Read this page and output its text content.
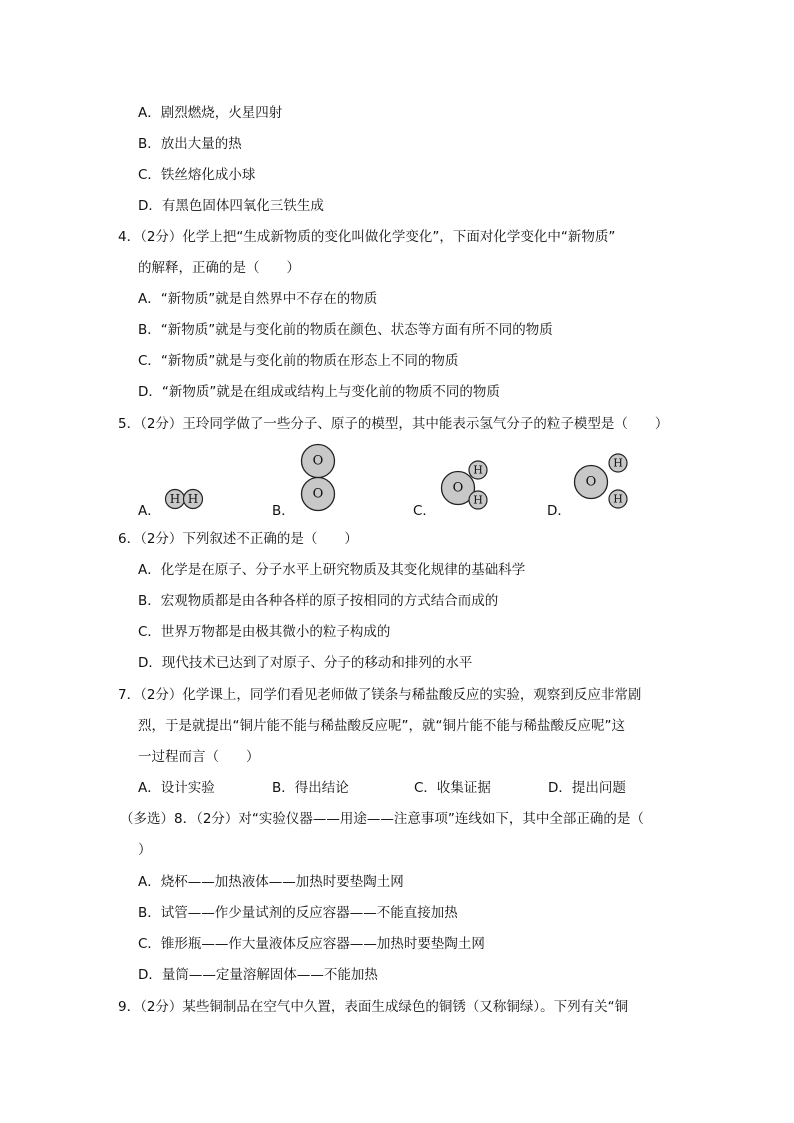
A．剧烈燃烧，火星四射
B．放出大量的热
C．铁丝熔化成小球
D．有黑色固体四氧化三铁生成
4．（2分）化学上把“生成新物质的变化叫做化学变化”，下面对化学变化中“新物质”
的解释，正确的是（　　）
A．“新物质”就是自然界中不存在的物质
B．“新物质”就是与变化前的物质在颜色、状态等方面有所不同的物质
C．“新物质”就是与变化前的物质在形态上不同的物质
D．“新物质”就是在组成或结构上与变化前的物质不同的物质
5．（2分）王玲同学做了一些分子、原子的模型，其中能表示氢气分子的粒子模型是（　　）
A．
H H
B．
O
O
C．
O
H
H
D．
O
H
H
6．（2分）下列叙述不正确的是（　　）
A．化学是在原子、分子水平上研究物质及其变化规律的基础科学
B．宏观物质都是由各种各样的原子按相同的方式结合而成的
C．世界万物都是由极其微小的粒子构成的
D．现代技术已达到了对原子、分子的移动和排列的水平
7．（2分）化学课上，同学们看见老师做了镁条与稀盐酸反应的实验，观察到反应非常剧
烈，于是就提出“铜片能不能与稀盐酸反应呢”，就“铜片能不能与稀盐酸反应呢”这
一过程而言（　　）
A．设计实验	B．得出结论	C．收集证据	D．提出问题
（多选）8．（2分）对“实验仪器——用途——注意事项”连线如下，其中全部正确的是（
）
A．烧杯——加热液体——加热时要垫陶土网
B．试管——作少量试剂的反应容器——不能直接加热
C．锥形瓶——作大量液体反应容器——加热时要垫陶土网
D．量筒——定量溶解固体——不能加热
9．（2分）某些铜制品在空气中久置，表面生成绿色的铜锈（又称铜绿）。下列有关“铜
